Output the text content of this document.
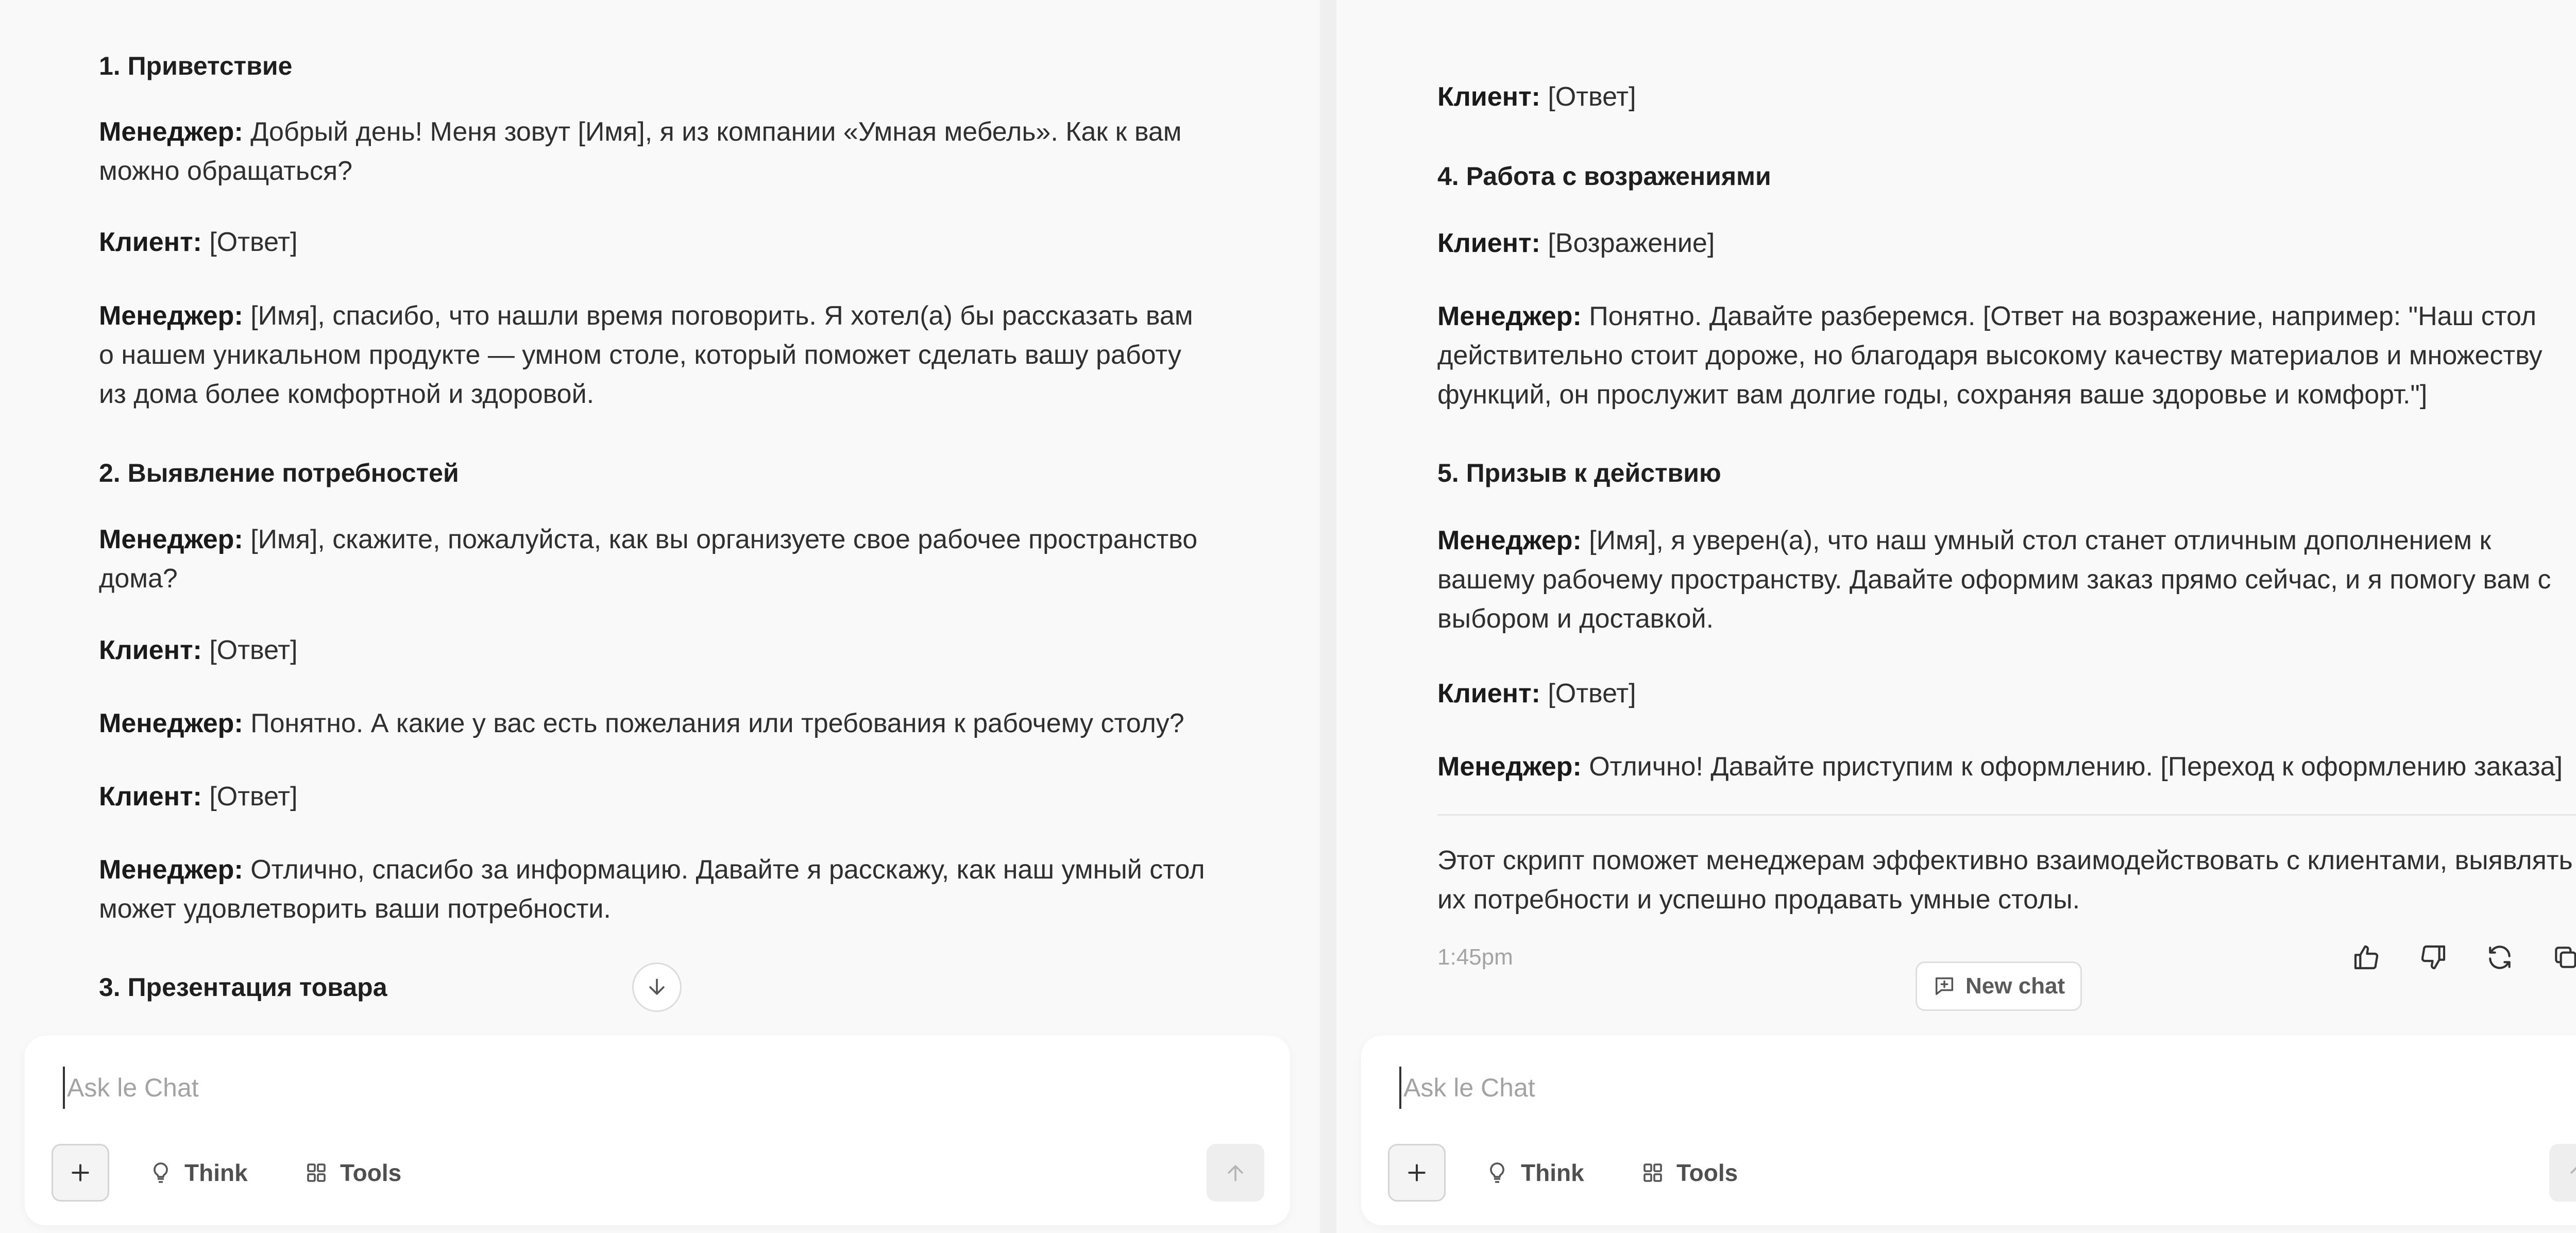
1. Приветствие
Менеджер: Добрый день! Меня зовут [Имя], я из компании «Умная мебель». Как к вам можно обращаться?
Клиент: [Ответ]
Менеджер: [Имя], спасибо, что нашли время поговорить. Я хотел(а) бы рассказать вам о нашем уникальном продукте — умном столе, который поможет сделать вашу работу из дома более комфортной и здоровой.
2. Выявление потребностей
Менеджер: [Имя], скажите, пожалуйста, как вы организуете свое рабочее пространство дома?
Клиент: [Ответ]
Менеджер: Понятно. А какие у вас есть пожелания или требования к рабочему столу?
Клиент: [Ответ]
Менеджер: Отлично, спасибо за информацию. Давайте я расскажу, как наш умный стол может удовлетворить ваши потребности.
3. Презентация товара
Ask le Chat
Think	Tools
Клиент: [Ответ]
4. Работа с возражениями
Клиент: [Возражение]
Менеджер: Понятно. Давайте разберемся. [Ответ на возражение, например: "Наш стол действительно стоит дороже, но благодаря высокому качеству материалов и множеству функций, он прослужит вам долгие годы, сохраняя ваше здоровье и комфорт."]
5. Призыв к действию
Менеджер: [Имя], я уверен(а), что наш умный стол станет отличным дополнением к вашему рабочему пространству. Давайте оформим заказ прямо сейчас, и я помогу вам с выбором и доставкой.
Клиент: [Ответ]
Менеджер: Отлично! Давайте приступим к оформлению. [Переход к оформлению заказа]
Этот скрипт поможет менеджерам эффективно взаимодействовать с клиентами, выявлять их потребности и успешно продавать умные столы.
1:45pm
New chat
Ask le Chat
Think	Tools
